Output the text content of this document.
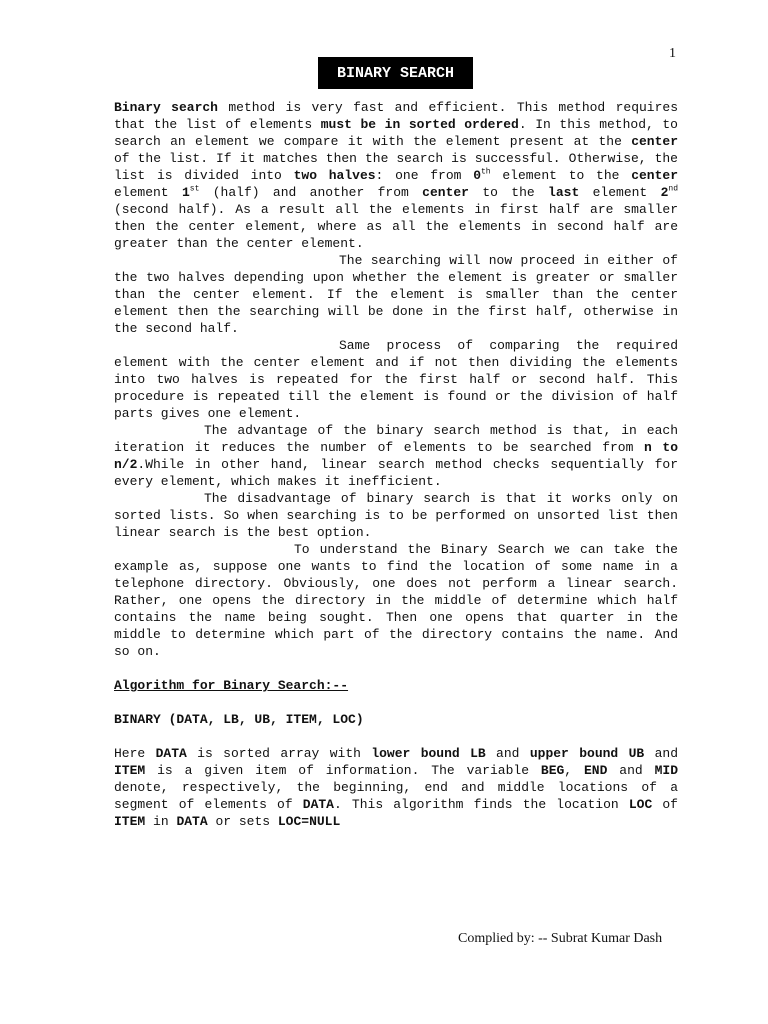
1
BINARY SEARCH

Binary search method is very fast and efficient. This method requires that the list of elements must be in sorted ordered. In this method, to search an element we compare it with the element present at the center of the list. If it matches then the search is successful. Otherwise, the list is divided into two halves: one from 0th element to the center element 1st (half) and another from center to the last element 2nd (second half). As a result all the elements in first half are smaller then the center element, where as all the elements in second half are greater than the center element.

The searching will now proceed in either of the two halves depending upon whether the element is greater or smaller than the center element. If the element is smaller than the center element then the searching will be done in the first half, otherwise in the second half.

Same process of comparing the required element with the center element and if not then dividing the elements into two halves is repeated for the first half or second half. This procedure is repeated till the element is found or the division of half parts gives one element.

The advantage of the binary search method is that, in each iteration it reduces the number of elements to be searched from n to n/2.While in other hand, linear search method checks sequentially for every element, which makes it inefficient.

The disadvantage of binary search is that it works only on sorted lists. So when searching is to be performed on unsorted list then linear search is the best option.

To understand the Binary Search we can take the example as, suppose one wants to find the location of some name in a telephone directory. Obviously, one does not perform a linear search. Rather, one opens the directory in the middle of determine which half contains the name being sought. Then one opens that quarter in the middle to determine which part of the directory contains the name. And so on.

Algorithm for Binary Search:--

BINARY (DATA, LB, UB, ITEM, LOC)

Here DATA is sorted array with lower bound LB and upper bound UB and ITEM is a given item of information. The variable BEG, END and MID denote, respectively, the beginning, end and middle locations of a segment of elements of DATA. This algorithm finds the location LOC of ITEM in DATA or sets LOC=NULL

Complied by: -- Subrat Kumar Dash
